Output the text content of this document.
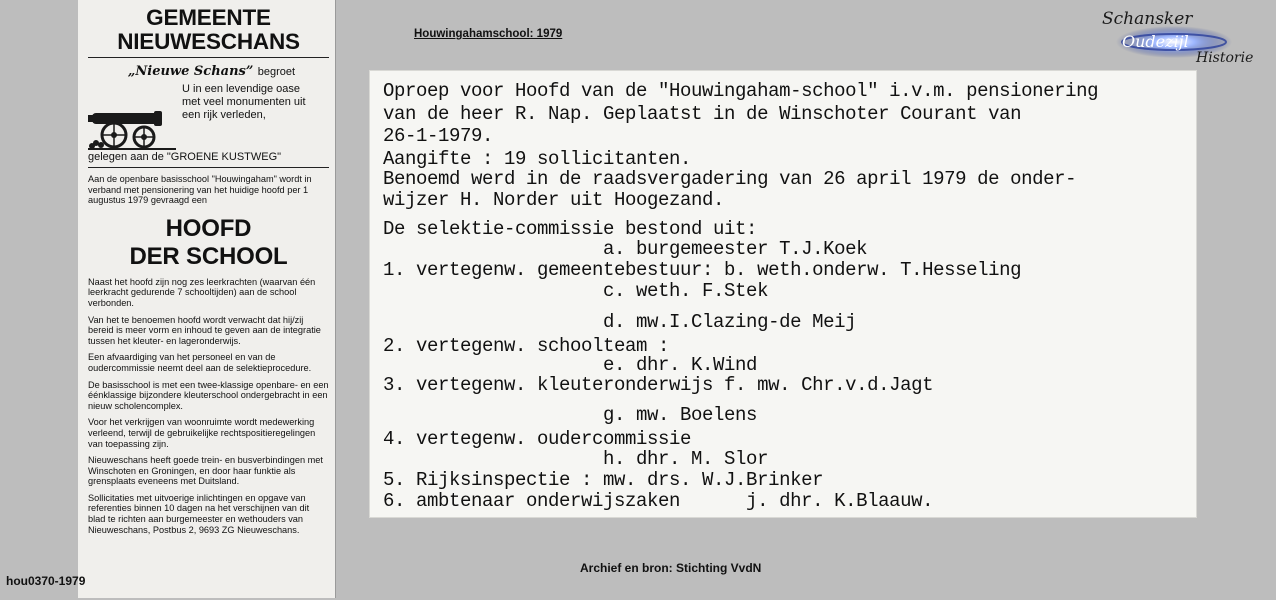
GEMEENTE
NIEUWESCHANS
„Nieuwe Schans” begroet
U in een levendige oase
met veel monumenten uit
een rijk verleden,
gelegen aan de "GROENE KUSTWEG"

Aan de openbare basisschool "Houwingaham" wordt in verband met pensionering van het huidige hoofd per 1 augustus 1979 gevraagd een

HOOFD
DER SCHOOL

Naast het hoofd zijn nog zes leerkrachten (waarvan één leerkracht gedurende 7 schooltijden) aan de school verbonden.

Van het te benoemen hoofd wordt verwacht dat hij/zij bereid is meer vorm en inhoud te geven aan de integratie tussen het kleuter- en lageronderwijs.

Een afvaardiging van het personeel en van de oudercommissie neemt deel aan de selektieprocedure.

De basisschool is met een twee-klassige openbare- en een éénklassige bijzondere kleuterschool ondergebracht in een nieuw scholencomplex.

Voor het verkrijgen van woonruimte wordt medewerking verleend, terwijl de gebruikelijke rechtspositieregelingen van toepassing zijn.

Nieuweschans heeft goede trein- en busverbindingen met Winschoten en Groningen, en door haar funktie als grensplaats eveneens met Duitsland.

Sollicitaties met uitvoerige inlichtingen en opgave van referenties binnen 10 dagen na het verschijnen van dit blad te richten aan burgemeester en wethouders van Nieuweschans, Postbus 2, 9693 ZG Nieuweschans.

Houwingahamschool: 1979
Schansker
Oudezijl
Historie
Oproep voor Hoofd van de "Houwingaham-school" i.v.m. pensionering
van de heer R. Nap. Geplaatst in de Winschoter Courant van
26-1-1979.
Aangifte : 19 sollicitanten.
Benoemd werd in de raadsvergadering van 26 april 1979 de onder-
wijzer H. Norder uit Hoogezand.
De selektie-commissie bestond uit:
a. burgemeester T.J.Koek
1. vertegenw. gemeentebestuur: b. weth.onderw. T.Hesseling
c. weth. F.Stek
d. mw.I.Clazing-de Meij
2. vertegenw. schoolteam :
e. dhr. K.Wind
3. vertegenw. kleuteronderwijs f. mw. Chr.v.d.Jagt
g. mw. Boelens
4. vertegenw. oudercommissie
h. dhr. M. Slor
5. Rijksinspectie : mw. drs. W.J.Brinker
6. ambtenaar onderwijszaken      j. dhr. K.Blaauw.
Archief en bron: Stichting VvdN
hou0370-1979
